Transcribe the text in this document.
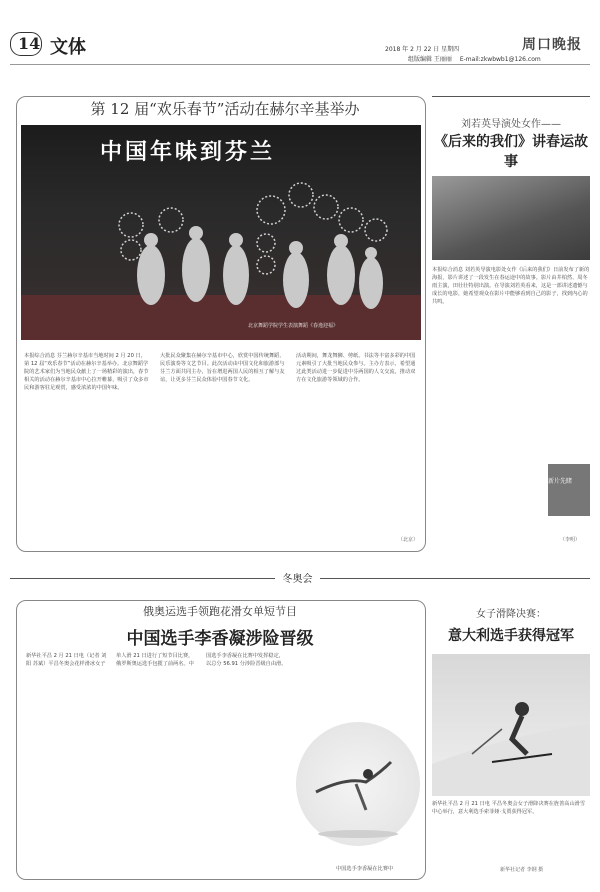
14 文体	2018 年 2 月 22 日 星期四
组版编辑 王丽丽 E-mail:zkwbwb1@126.com
周口晚报
第 12 届“欢乐春节”活动在赫尔辛基举办
中国年味到芬兰
北京舞蹈学院学生表演舞蹈《春逸迎福》
本报综合消息 芬兰赫尔辛基市当地时间 2 月 20 日，第 12 届“欢乐春节”活动在赫尔辛基举办。北京舞蹈学院的艺术家们为当地民众献上了一场精彩的演出，春节相关的活动在赫尔辛基市中心拉开帷幕，吸引了众多市民和游客驻足观赏，感受浓浓的中国年味。
大批民众聚集在赫尔辛基市中心，欣赏中国传统舞蹈、民乐演奏等文艺节目。此次活动由中国文化和旅游部与芬兰方面共同主办，旨在增进两国人民的相互了解与友谊，让更多芬兰民众体验中国春节文化。
活动期间，舞龙舞狮、剪纸、书法等丰富多彩的中国元素吸引了大批当地民众参与。主办方表示，希望通过此类活动进一步促进中芬两国的人文交流，推动双方在文化旅游等领域的合作。
（北京）
刘若英导演处女作——
《后来的我们》讲春运故事
本报综合消息 刘若英导演电影处女作《后来的我们》日前发布了新的海报，影片讲述了一段发生在春运途中的故事。影片由井柏然、周冬雨主演，田壮壮特别出演。在导演刘若英看来，这是一部讲述遗憾与成长的电影，她希望观众在影片中能够看到自己的影子，找到内心的共鸣。
新片先睹
（李明）
冬奥会
俄奥运选手领跑花滑女单短节目
中国选手李香凝涉险晋级
新华社平昌 2 月 21 日电（记者 刘阳 苏斌）平昌冬奥会花样滑冰女子单人滑 21 日进行了短节目比赛，俄罗斯奥运选手包揽了前两名。中国选手李香凝在比赛中发挥稳定，以总分 56.91 分涉险晋级自由滑。
中国选手李香凝在比赛中
女子滑降决赛：
意大利选手获得冠军
新华社平昌 2 月 21 日电 平昌冬奥会女子滑降决赛在旌善高山滑雪中心举行，意大利选手索菲娅·戈贾获得冠军。
新华社记者 李钢 摄
